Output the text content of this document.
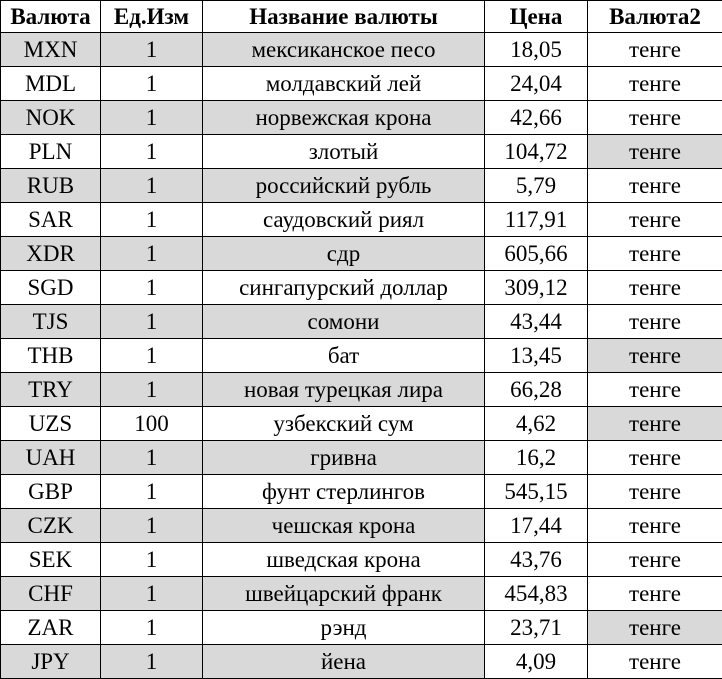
Валюта	Ед.Изм	Название валюты	Цена	Валюта2
MXN	1	мексиканское песо	18,05	тенге
MDL	1	молдавский лей	24,04	тенге
NOK	1	норвежская крона	42,66	тенге
PLN	1	злотый	104,72	тенге
RUB	1	российский рубль	5,79	тенге
SAR	1	саудовский риял	117,91	тенге
XDR	1	сдр	605,66	тенге
SGD	1	сингапурский доллар	309,12	тенге
TJS	1	сомони	43,44	тенге
THB	1	бат	13,45	тенге
TRY	1	новая турецкая лира	66,28	тенге
UZS	100	узбекский сум	4,62	тенге
UAH	1	гривна	16,2	тенге
GBP	1	фунт стерлингов	545,15	тенге
CZK	1	чешская крона	17,44	тенге
SEK	1	шведская крона	43,76	тенге
CHF	1	швейцарский франк	454,83	тенге
ZAR	1	рэнд	23,71	тенге
JPY	1	йена	4,09	тенге
